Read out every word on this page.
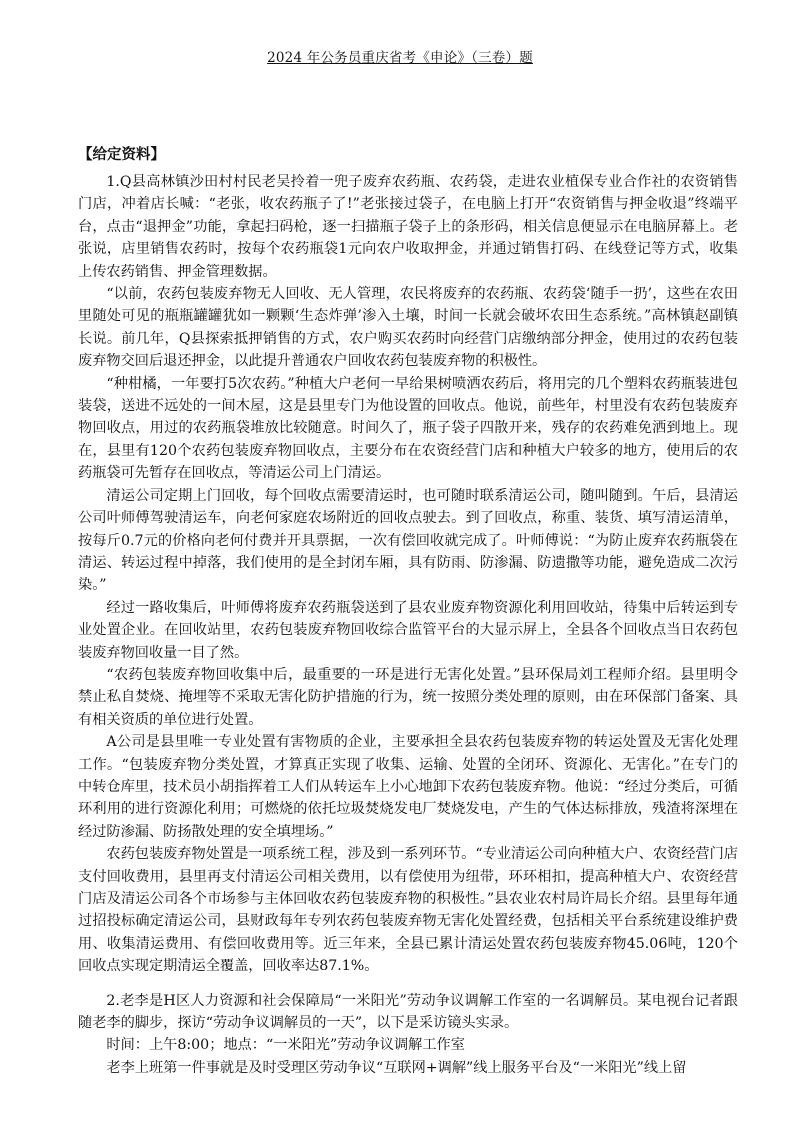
2024 年公务员重庆省考《申论》（三卷）题
【给定资料】

1.Q县高林镇沙田村村民老吴拎着一兜子废弃农药瓶、农药袋，走进农业植保专业合作社的农资销售门店，冲着店长喊：“老张，收农药瓶子了!”老张接过袋子，在电脑上打开“农资销售与押金收退”终端平台，点击“退押金”功能，拿起扫码枪，逐一扫描瓶子袋子上的条形码，相关信息便显示在电脑屏幕上。老张说，店里销售农药时，按每个农药瓶袋1元向农户收取押金，并通过销售打码、在线登记等方式，收集上传农药销售、押金管理数据。

“以前，农药包装废弃物无人回收、无人管理，农民将废弃的农药瓶、农药袋‘随手一扔’，这些在农田里随处可见的瓶瓶罐罐犹如一颗颗‘生态炸弹’渗入土壤，时间一长就会破坏农田生态系统。”高林镇赵副镇长说。前几年，Q县探索抵押销售的方式，农户购买农药时向经营门店缴纳部分押金，使用过的农药包装废弃物交回后退还押金，以此提升普通农户回收农药包装废弃物的积极性。

“种柑橘，一年要打5次农药。”种植大户老何一早给果树喷洒农药后，将用完的几个塑料农药瓶装进包装袋，送进不远处的一间木屋，这是县里专门为他设置的回收点。他说，前些年，村里没有农药包装废弃物回收点，用过的农药瓶袋堆放比较随意。时间久了，瓶子袋子四散开来，残存的农药难免洒到地上。现在，县里有120个农药包装废弃物回收点，主要分布在农资经营门店和种植大户较多的地方，使用后的农药瓶袋可先暂存在回收点，等清运公司上门清运。

清运公司定期上门回收，每个回收点需要清运时，也可随时联系清运公司，随叫随到。午后，县清运公司叶师傅驾驶清运车，向老何家庭农场附近的回收点驶去。到了回收点，称重、装货、填写清运清单，按每斤0.7元的价格向老何付费并开具票据，一次有偿回收就完成了。叶师傅说：“为防止废弃农药瓶袋在清运、转运过程中掉落，我们使用的是全封闭车厢，具有防雨、防渗漏、防遗撒等功能，避免造成二次污染。”

经过一路收集后，叶师傅将废弃农药瓶袋送到了县农业废弃物资源化利用回收站，待集中后转运到专业处置企业。在回收站里，农药包装废弃物回收综合监管平台的大显示屏上，全县各个回收点当日农药包装废弃物回收量一目了然。

“农药包装废弃物回收集中后，最重要的一环是进行无害化处置。”县环保局刘工程师介绍。县里明令禁止私自焚烧、掩埋等不采取无害化防护措施的行为，统一按照分类处理的原则，由在环保部门备案、具有相关资质的单位进行处置。

A公司是县里唯一专业处置有害物质的企业，主要承担全县农药包装废弃物的转运处置及无害化处理工作。“包装废弃物分类处置，才算真正实现了收集、运输、处置的全闭环、资源化、无害化。”在专门的中转仓库里，技术员小胡指挥着工人们从转运车上小心地卸下农药包装废弃物。他说：“经过分类后，可循环利用的进行资源化利用；可燃烧的依托垃圾焚烧发电厂焚烧发电，产生的气体达标排放，残渣将深埋在经过防渗漏、防扬散处理的安全填埋场。”

农药包装废弃物处置是一项系统工程，涉及到一系列环节。“专业清运公司向种植大户、农资经营门店支付回收费用，县里再支付清运公司相关费用，以有偿使用为纽带，环环相扣，提高种植大户、农资经营门店及清运公司各个市场参与主体回收农药包装废弃物的积极性。”县农业农村局许局长介绍。县里每年通过招投标确定清运公司，县财政每年专列农药包装废弃物无害化处置经费，包括相关平台系统建设维护费用、收集清运费用、有偿回收费用等。近三年来，全县已累计清运处置农药包装废弃物45.06吨，120个回收点实现定期清运全覆盖，回收率达87.1%。

2.老李是H区人力资源和社会保障局“一米阳光”劳动争议调解工作室的一名调解员。某电视台记者跟随老李的脚步，探访“劳动争议调解员的一天”，以下是采访镜头实录。

时间：上午8:00；地点：“一米阳光”劳动争议调解工作室

老李上班第一件事就是及时受理区劳动争议“互联网+调解”线上服务平台及“一米阳光”线上留
